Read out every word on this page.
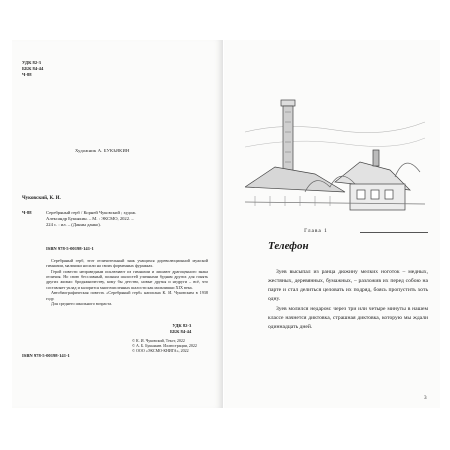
УДК 82-3
ББК 84-44
Ч-88
Художник А. БУКЬЯКИН
Чуковский, К. И.
Ч-88	Серебряный герб / Корней Чуковский ; худож.
Александр Букьякин. – М. : ЭКСМО, 2022. –
224 с. : ил. – (Данны данко).
ISBN 978-5-00198-141-1

Серебряный герб, этот отличительный знак учащихся дореволюционной мужской гимназии, мальчики носили на своих форменных фуражках.

Герой повести неправедным исключают из гимназии и лишают драгоценного знака отличия. Но свою бесславный, полным шалостей уличными будням других для гонять других жизни: бродяжничеству, кому бы детство, новые друзья и недруги – всё, что составляет уклад и калорится многочисленных шалости как мальчишки XIX века.

Автобиографическая повесть «Серебряный герб» написана К. И. Чуковским в 1938 году.

Для среднего школьного возраста.

УДК 82-3
ББК 84-44
© К. И. Чуковский, Текст, 2022
© А. Б. Букьякин. Иллюстрации, 2022
© ООО «ЭКСМО-КНИГА», 2022
ISBN 978-5-00198-141-1
Глава 1
Телефон

Зуев высыпал из ранца дюжину мелких ноготок – медных, жестяных, деревянных, бумажных, – разложив их перед собою на парте и стал делиться целовать их подряд, боясь пропустить хоть одну.

Зуев молился недаром: через три или четыре минуты в нашем классе начнется диктовка, страшная диктовка, которую мы ждали одиннадцать дней.

3
